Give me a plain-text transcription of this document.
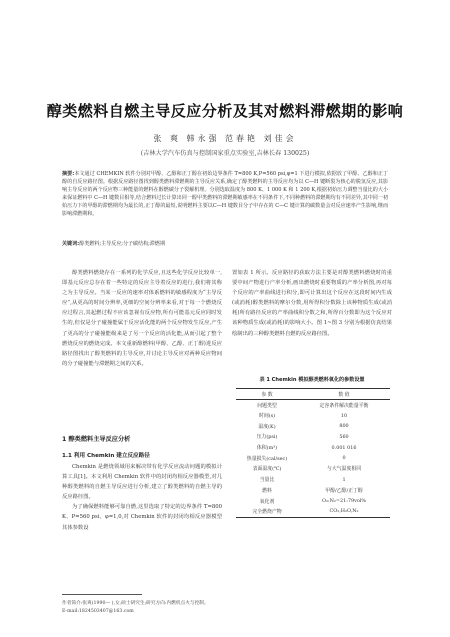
醇类燃料自燃主导反应分析及其对燃料滞燃期的影响
张 爽 韩永强 范春艳 刘佳会
(吉林大学汽车仿真与控制国家重点实验室,吉林长春 130025)
摘要:本文通过 CHEMKIN 软件分别对甲醇、乙醇和正丁醇在初始边界条件 T=800 K,P=560 psi,φ=1 下进行模拟,依据放了甲醇、乙醇和正丁醇的自反应路径图。根据反应路径图找到醇类燃料滞燃期的主导反应关系,确定了醇类燃料的主导反应均为以 C—H 键断裂为核心的脱氢反应,其影响主导反应的两个反应物三种能量的燃料在醇燃碳分子裂解机理。分别选取温度为 800 K、1 000 K 和 1 200 K,根据初始压力调整当量比的大小来保证燃料中 C—H 键数目相等,结合燃料过长计算出同一醇甲类燃料的滞燃期敏感率在不同条件下,不同种燃料的滞燃期均有不同差异,其中同一初始压力下的甲醇的滞燃期均为最长的,正丁醇的最短,说明燃料主要以C—H 键数目分子中存在的 C—C 键计算的碳数量会对反应速率产生影响,继而影响滞燃期和。
关键词:醇类燃料;主导反应;分子碳结构;滞燃期

醇类燃料燃烧存在一系列的化学反应,且这些化学反应比较单一,即基元反应总存在着一些特定的反应主导着反应的进行,我们将其称之为主导反应。当某一反应的速率对体系燃料的敏感程度为“主导反应”,从更高的时间分辨率,更细的空间分辨率来看,对于每一个燃烧反应过程言,其起燃过程不应该忽视有反应物,所有可能基元反应同时发生的,但仅是分子碰撞能属于反应活化能的两个反应物发生反应,产生了更高的分子碰撞能级来是了另一个反应的活化能,从而引起了整个燃烧反应的燃烧完成。本文重新醇燃料(甲醇、乙醇、正丁醇)进反应路径图找出了醇类燃料的主导反应,并讨论主导反应对两种反应物间的分子碰撞能与滞燃期之间的关系。

1 醇类燃料主导反应分析
1.1 利用 Chemkin 建立反应路径

Chemkin 是燃烧领域用来解决带有化学反应流动问题的模拟计算工具[1]。本文利用 Chemkin 软件中的封闭均相反应器模型,对几种醇类燃料的自燃主导反应进行分析,建立了醇类燃料的自燃主导的反应路径图。

为了确保燃料能够可靠自燃,这里选取了特定的边界条件 T=800 K、P=560 psi、φ=1,0,对 Chemkin 软件的封闭均相反应器模型其体参数设

置如表 1 所示。反应路径的获取方法主要是对醇类燃料燃烧时的重要中间产物进行产率分析,画出燃烧时重要物质的产率分析图,再对每个反应的产率曲线进行积分,即可计算出这个反应在这段时间内生成(或消耗)醇类燃料的摩尔分数,用所得积分数除上该种物质生成(或消耗)所有路径反应的产率曲线积分数之和,所得百分数即为这个反应对该种物质生成(或消耗)的影响大小。图 1~图 3 分别为根据仿真结果绘制出的三种醇类燃料自燃的反应路径图。

表 1 Chemkin 模拟醇类燃料氧化的参数设置
参 数	数 值
问题类型	定容条件解决能量平衡
时间(s)	10
温度(K)	800
压力(psi)	560
体积(m³)	0.001 016
热量损失(cal/sec)	0
表面温度(℃)	与大气温度相同
当量比	1
燃料	甲醇/乙醇/正丁醇
氧化剂	O₂:N₂=21:79vol%
完全燃烧产物	CO₂,H₂O,N₂
作者简介:张爽(1990— ),女,硕士研究生;研究方向:内燃机点火与控制。
E-mail:1824503407@163.com
